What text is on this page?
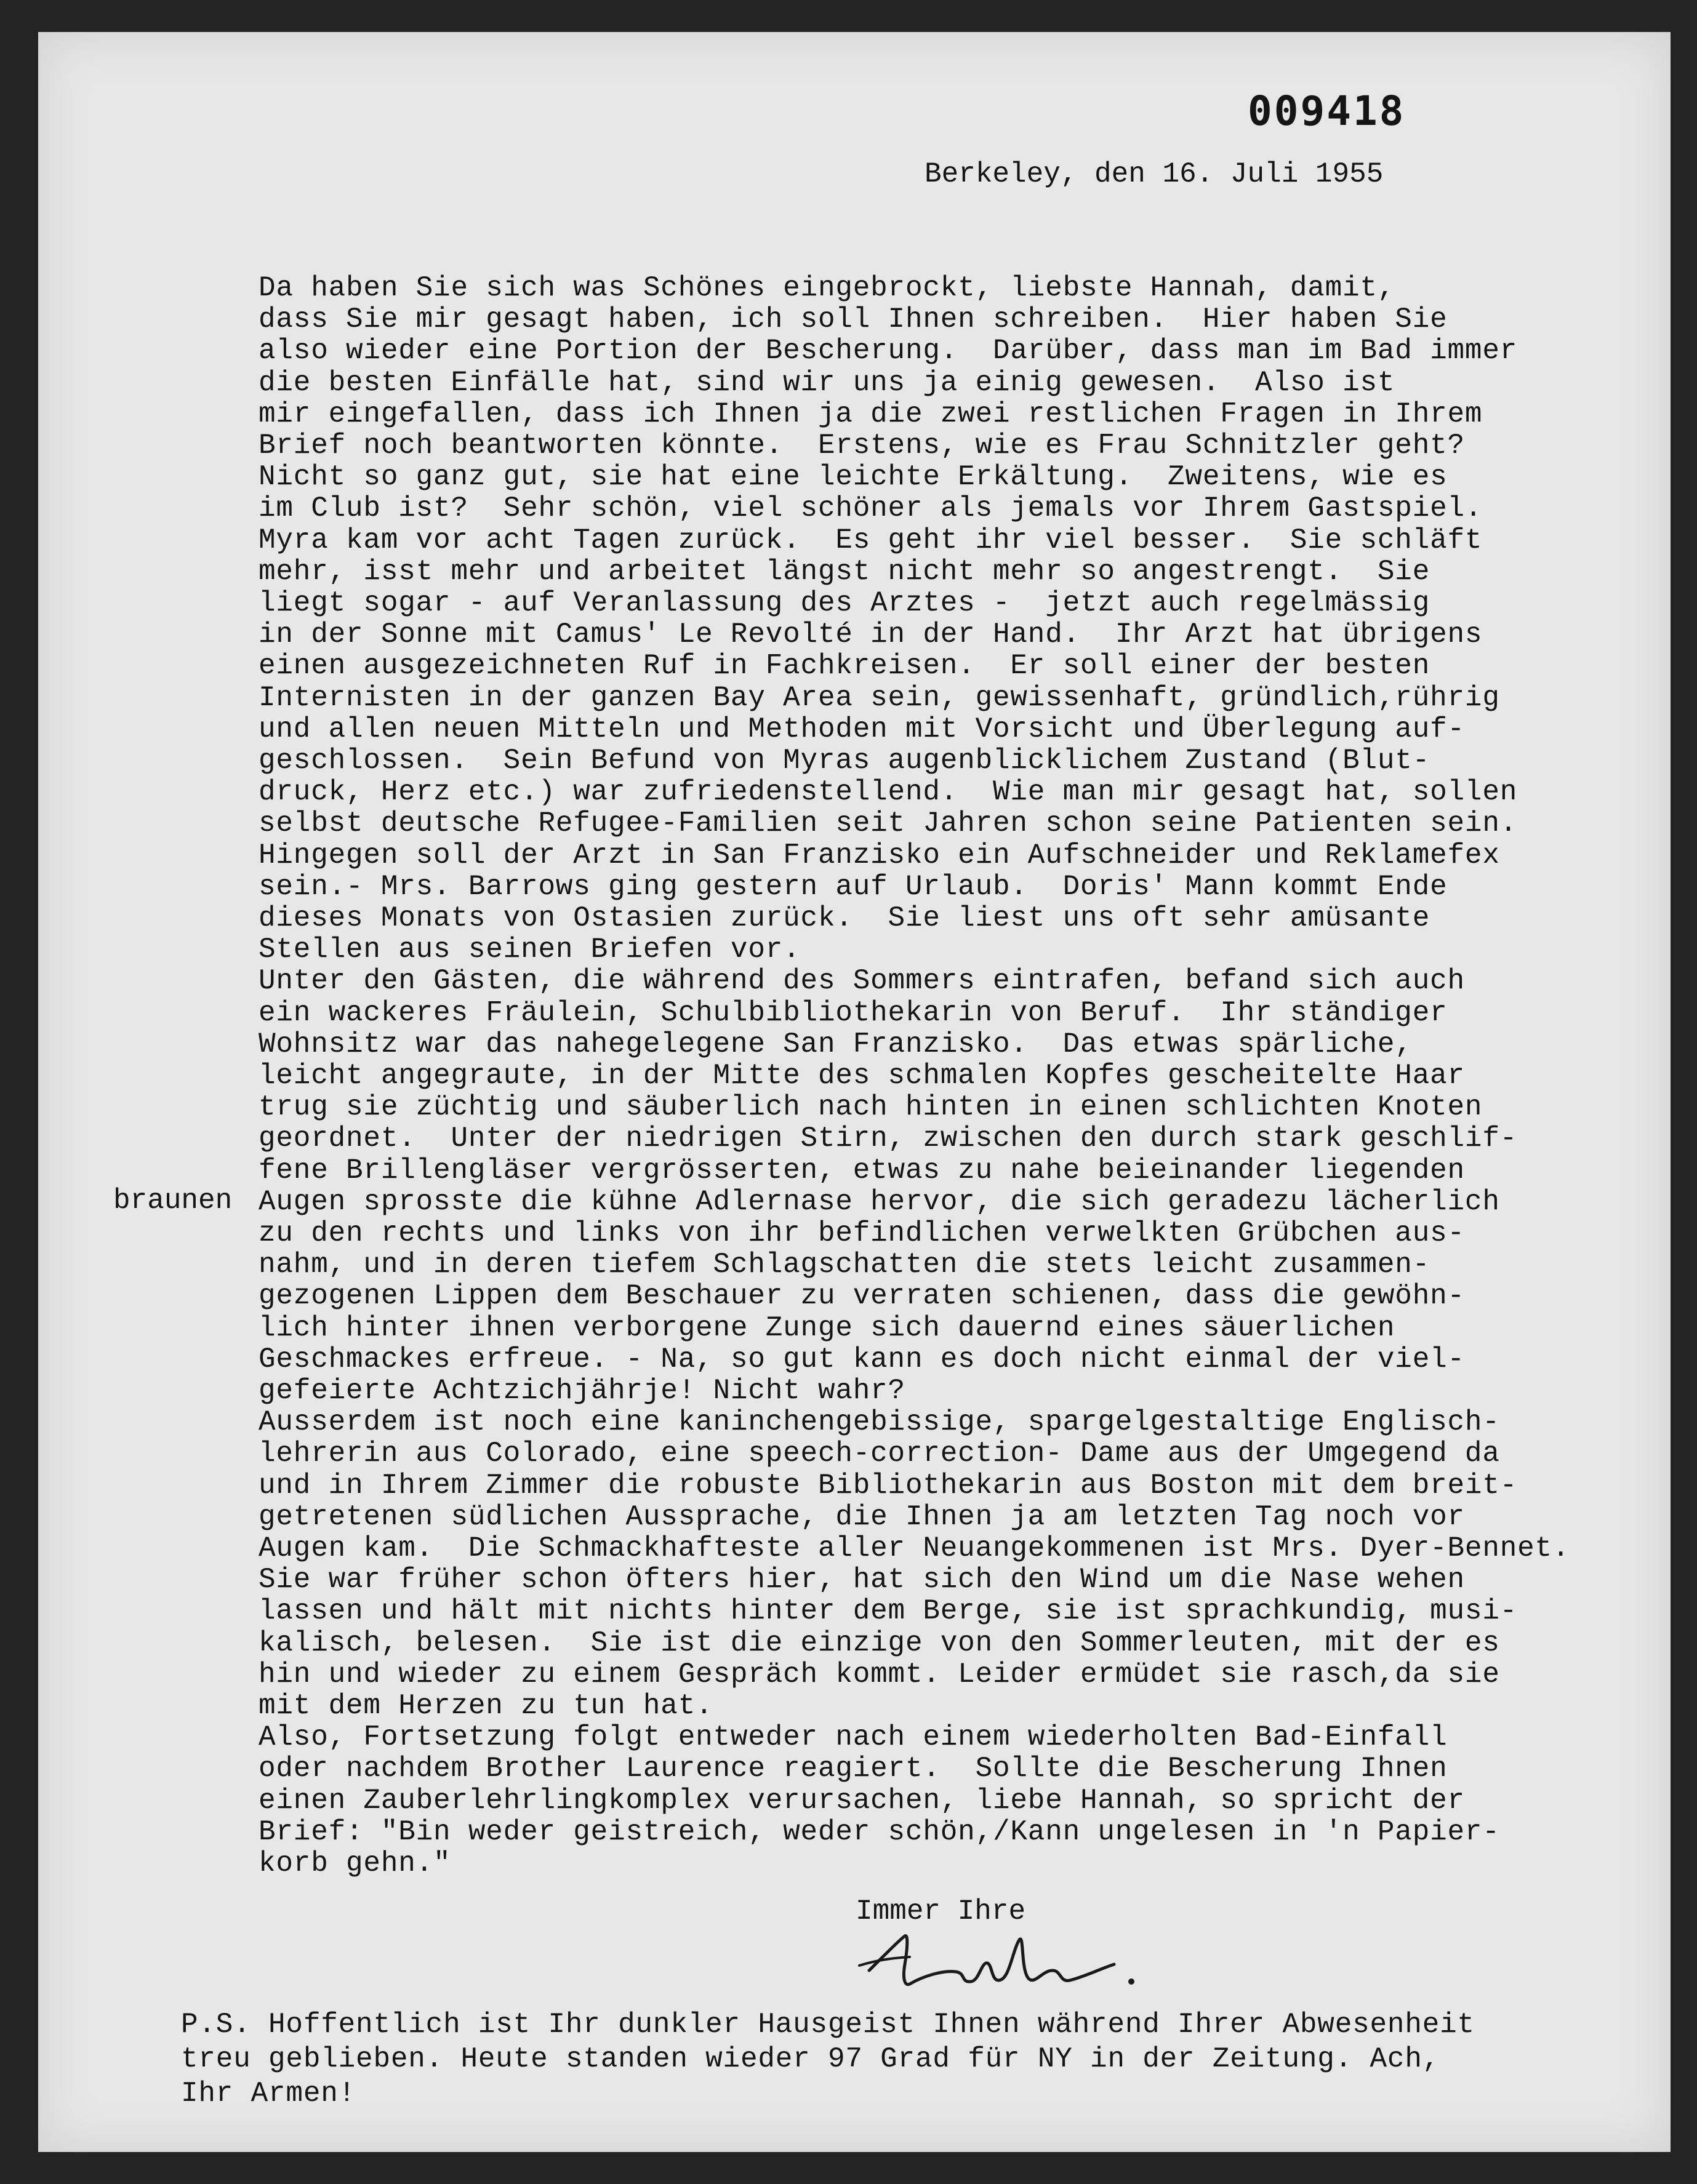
009418
Berkeley, den 16. Juli 1955
braunen
Da haben Sie sich was Schönes eingebrockt, liebste Hannah, damit,
dass Sie mir gesagt haben, ich soll Ihnen schreiben.  Hier haben Sie
also wieder eine Portion der Bescherung.  Darüber, dass man im Bad immer
die besten Einfälle hat, sind wir uns ja einig gewesen.  Also ist
mir eingefallen, dass ich Ihnen ja die zwei restlichen Fragen in Ihrem
Brief noch beantworten könnte.  Erstens, wie es Frau Schnitzler geht?
Nicht so ganz gut, sie hat eine leichte Erkältung.  Zweitens, wie es
im Club ist?  Sehr schön, viel schöner als jemals vor Ihrem Gastspiel.
Myra kam vor acht Tagen zurück.  Es geht ihr viel besser.  Sie schläft
mehr, isst mehr und arbeitet längst nicht mehr so angestrengt.  Sie
liegt sogar - auf Veranlassung des Arztes -  jetzt auch regelmässig
in der Sonne mit Camus' Le Revolté in der Hand.  Ihr Arzt hat übrigens
einen ausgezeichneten Ruf in Fachkreisen.  Er soll einer der besten
Internisten in der ganzen Bay Area sein, gewissenhaft, gründlich,rührig
und allen neuen Mitteln und Methoden mit Vorsicht und Überlegung auf-
geschlossen.  Sein Befund von Myras augenblicklichem Zustand (Blut-
druck, Herz etc.) war zufriedenstellend.  Wie man mir gesagt hat, sollen
selbst deutsche Refugee-Familien seit Jahren schon seine Patienten sein.
Hingegen soll der Arzt in San Franzisko ein Aufschneider und Reklamefex
sein.- Mrs. Barrows ging gestern auf Urlaub.  Doris' Mann kommt Ende
dieses Monats von Ostasien zurück.  Sie liest uns oft sehr amüsante
Stellen aus seinen Briefen vor.
Unter den Gästen, die während des Sommers eintrafen, befand sich auch
ein wackeres Fräulein, Schulbibliothekarin von Beruf.  Ihr ständiger
Wohnsitz war das nahegelegene San Franzisko.  Das etwas spärliche,
leicht angegraute, in der Mitte des schmalen Kopfes gescheitelte Haar
trug sie züchtig und säuberlich nach hinten in einen schlichten Knoten
geordnet.  Unter der niedrigen Stirn, zwischen den durch stark geschlif-
fene Brillengläser vergrösserten, etwas zu nahe beieinander liegenden
Augen sprosste die kühne Adlernase hervor, die sich geradezu lächerlich
zu den rechts und links von ihr befindlichen verwelkten Grübchen aus-
nahm, und in deren tiefem Schlagschatten die stets leicht zusammen-
gezogenen Lippen dem Beschauer zu verraten schienen, dass die gewöhn-
lich hinter ihnen verborgene Zunge sich dauernd eines säuerlichen
Geschmackes erfreue. - Na, so gut kann es doch nicht einmal der viel-
gefeierte Achtzichjährje! Nicht wahr?
Ausserdem ist noch eine kaninchengebissige, spargelgestaltige Englisch-
lehrerin aus Colorado, eine speech-correction- Dame aus der Umgegend da
und in Ihrem Zimmer die robuste Bibliothekarin aus Boston mit dem breit-
getretenen südlichen Aussprache, die Ihnen ja am letzten Tag noch vor
Augen kam.  Die Schmackhafteste aller Neuangekommenen ist Mrs. Dyer-Bennet.
Sie war früher schon öfters hier, hat sich den Wind um die Nase wehen
lassen und hält mit nichts hinter dem Berge, sie ist sprachkundig, musi-
kalisch, belesen.  Sie ist die einzige von den Sommerleuten, mit der es
hin und wieder zu einem Gespräch kommt. Leider ermüdet sie rasch,da sie
mit dem Herzen zu tun hat.
Also, Fortsetzung folgt entweder nach einem wiederholten Bad-Einfall
oder nachdem Brother Laurence reagiert.  Sollte die Bescherung Ihnen
einen Zauberlehrlingkomplex verursachen, liebe Hannah, so spricht der
Brief: "Bin weder geistreich, weder schön,/Kann ungelesen in 'n Papier-
korb gehn."
Immer Ihre
P.S. Hoffentlich ist Ihr dunkler Hausgeist Ihnen während Ihrer Abwesenheit
treu geblieben. Heute standen wieder 97 Grad für NY in der Zeitung. Ach,
Ihr Armen!
